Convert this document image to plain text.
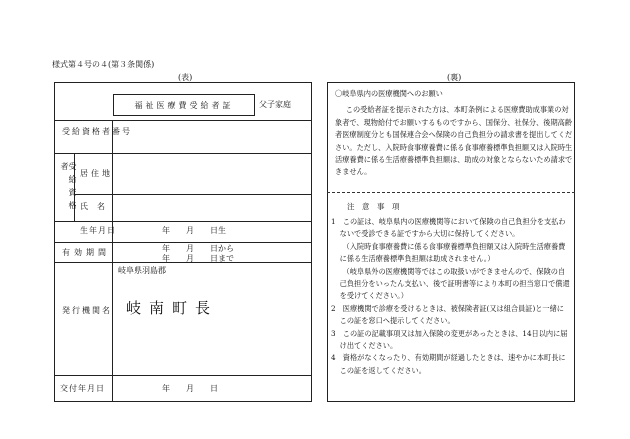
様式第４号の４(第３条関係)
(表)
福祉医療費受給者証	父子家庭
受給資格者番号
受給資格者	居住地
氏名
生年月日	年　　月　　日生
有効期間	年　　月　　日から
年　　月　　日まで
岐阜県羽島郡
発行機関名 岐南町長
交付年月日	年　　月　　日
(裏)

〇岐阜県内の医療機関へのお願い

この受給者証を提示された方は、本町条例による医療費助成事業の対象者で、現物給付でお願いするものですから、国保分、社保分、後期高齢者医療制度分とも国保連合会へ保険の自己負担分の請求書を提出してください。ただし、入院時食事療養費に係る食事療養標準負担額又は入院時生活療養費に係る生活療養標準負担額は、助成の対象とならないため請求できません。

注　意　事　項

1　この証は、岐阜県内の医療機関等において保険の自己負担分を支払わないで受診できる証ですから大切に保持してください。

（入院時食事療養費に係る食事療養標準負担額又は入院時生活療養費に係る生活療養標準負担額は助成されません。）

（岐阜県外の医療機関等ではこの取扱いができませんので、保険の自己負担分をいったん支払い、後で証明書等により本町の担当窓口で償還を受けてください。）

2　医療機関で診療を受けるときは、被保険者証(又は組合員証)と一緒にこの証を窓口へ提示してください。

3　この証の記載事項又は加入保険の変更があったときは、14日以内に届け出てください。

4　資格がなくなったり、有効期間が経過したときは、速やかに本町長にこの証を返してください。
